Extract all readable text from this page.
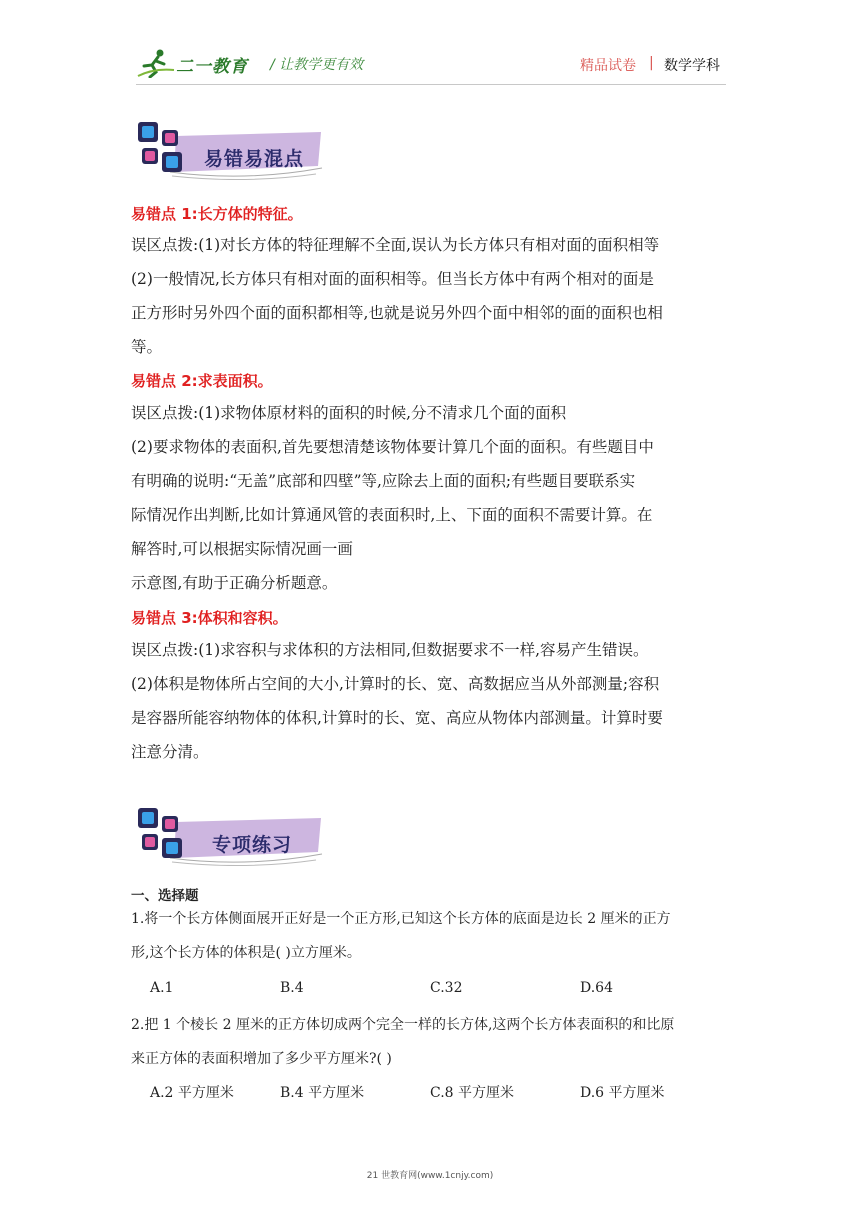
二一教育 / 让教学更有效	精品试卷 | 数学学科
易错易混点
易错点 1:长方体的特征。

误区点拨:(1)对长方体的特征理解不全面,误认为长方体只有相对面的面积相等
(2)一般情况,长方体只有相对面的面积相等。但当长方体中有两个相对的面是
正方形时另外四个面的面积都相等,也就是说另外四个面中相邻的面的面积也相
等。

易错点 2:求表面积。

误区点拨:(1)求物体原材料的面积的时候,分不清求几个面的面积
(2)要求物体的表面积,首先要想清楚该物体要计算几个面的面积。有些题目中
有明确的说明:“无盖”底部和四壁”等,应除去上面的面积;有些题目要联系实
际情况作出判断,比如计算通风管的表面积时,上、下面的面积不需要计算。在
解答时,可以根据实际情况画一画
示意图,有助于正确分析题意。

易错点 3:体积和容积。

误区点拨:(1)求容积与求体积的方法相同,但数据要求不一样,容易产生错误。
(2)体积是物体所占空间的大小,计算时的长、宽、高数据应当从外部测量;容积
是容器所能容纳物体的体积,计算时的长、宽、高应从物体内部测量。计算时要
注意分清。

专项练习
一、选择题

1.将一个长方体侧面展开正好是一个正方形,已知这个长方体的底面是边长 2 厘米的正方
形,这个长方体的体积是( )立方厘米。

A.1	B.4	C.32	D.64

2.把 1 个棱长 2 厘米的正方体切成两个完全一样的长方体,这两个长方体表面积的和比原
来正方体的表面积增加了多少平方厘米?( )

A.2 平方厘米	B.4 平方厘米	C.8 平方厘米	D.6 平方厘米
21 世教育网(www.1cnjy.com)
